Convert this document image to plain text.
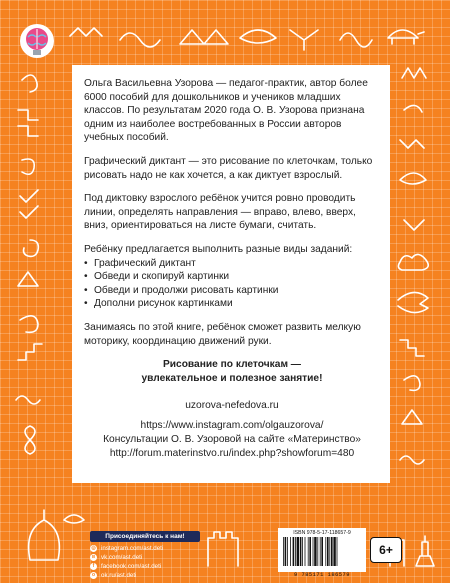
Ольга Васильевна Узорова — педагог-практик, автор более 6000 пособий для дошкольников и учеников младших классов. По результатам 2020 года О. В. Узорова признана одним из наиболее востребованных в России авторов учебных пособий.

Графический диктант — это рисование по клеточкам, только рисовать надо не как хочется, а как диктует взрослый.

Под диктовку взрослого ребёнок учится ровно проводить линии, определять направления — вправо, влево, вверх, вниз, ориентироваться на листе бумаги, считать.

Ребёнку предлагается выполнить разные виды заданий:

• Графический диктант
• Обведи и скопируй картинки
• Обведи и продолжи рисовать картинки
• Дополни рисунок картинками

Занимаясь по этой книге, ребёнок сможет развить мелкую моторику, координацию движений руки.

Рисование по клеточкам —
увлекательное и полезное занятие!
uzorova-nefedova.ru
https://www.instagram.com/olgauzorova/
Консультации О. В. Узоровой на сайте «Материнство»
http://forum.materinstvo.ru/index.php?showforum=480
Присоединяйтесь к нам!
◎ instagram.com/ast.deti
в vk.com/ast.deti
f	facebook.com/ast.deti
о ok.ru/ast.deti
ISBN 978-5-17-118657-9
9 785171 186579
6+
